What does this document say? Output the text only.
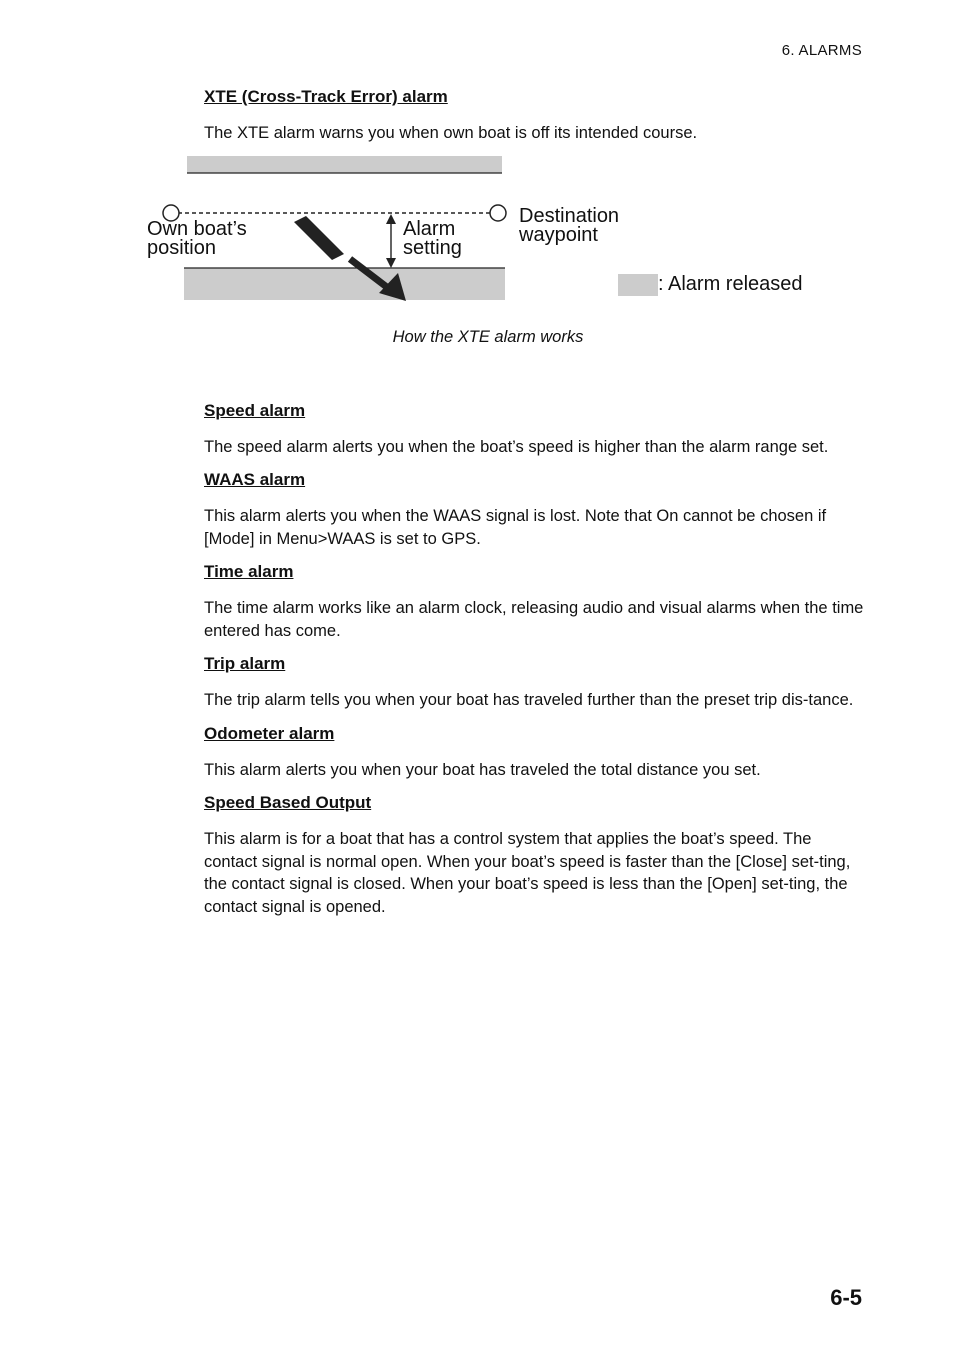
6. ALARMS
XTE (Cross-Track Error) alarm

The XTE alarm warns you when own boat is off its intended course.

Own boat’s
position
Alarm
setting
Destination
waypoint
: Alarm released
How the XTE alarm works
Speed alarm

The speed alarm alerts you when the boat’s speed is higher than the alarm range set.

WAAS alarm

This alarm alerts you when the WAAS signal is lost. Note that On cannot be chosen if [Mode] in Menu>WAAS is set to GPS.

Time alarm

The time alarm works like an alarm clock, releasing audio and visual alarms when the time entered has come.

Trip alarm

The trip alarm tells you when your boat has traveled further than the preset trip dis-tance.

Odometer alarm

This alarm alerts you when your boat has traveled the total distance you set.

Speed Based Output

This alarm is for a boat that has a control system that applies the boat’s speed. The contact signal is normal open. When your boat’s speed is faster than the [Close] set-ting, the contact signal is closed. When your boat’s speed is less than the [Open] set-ting, the contact signal is opened.

6-5
